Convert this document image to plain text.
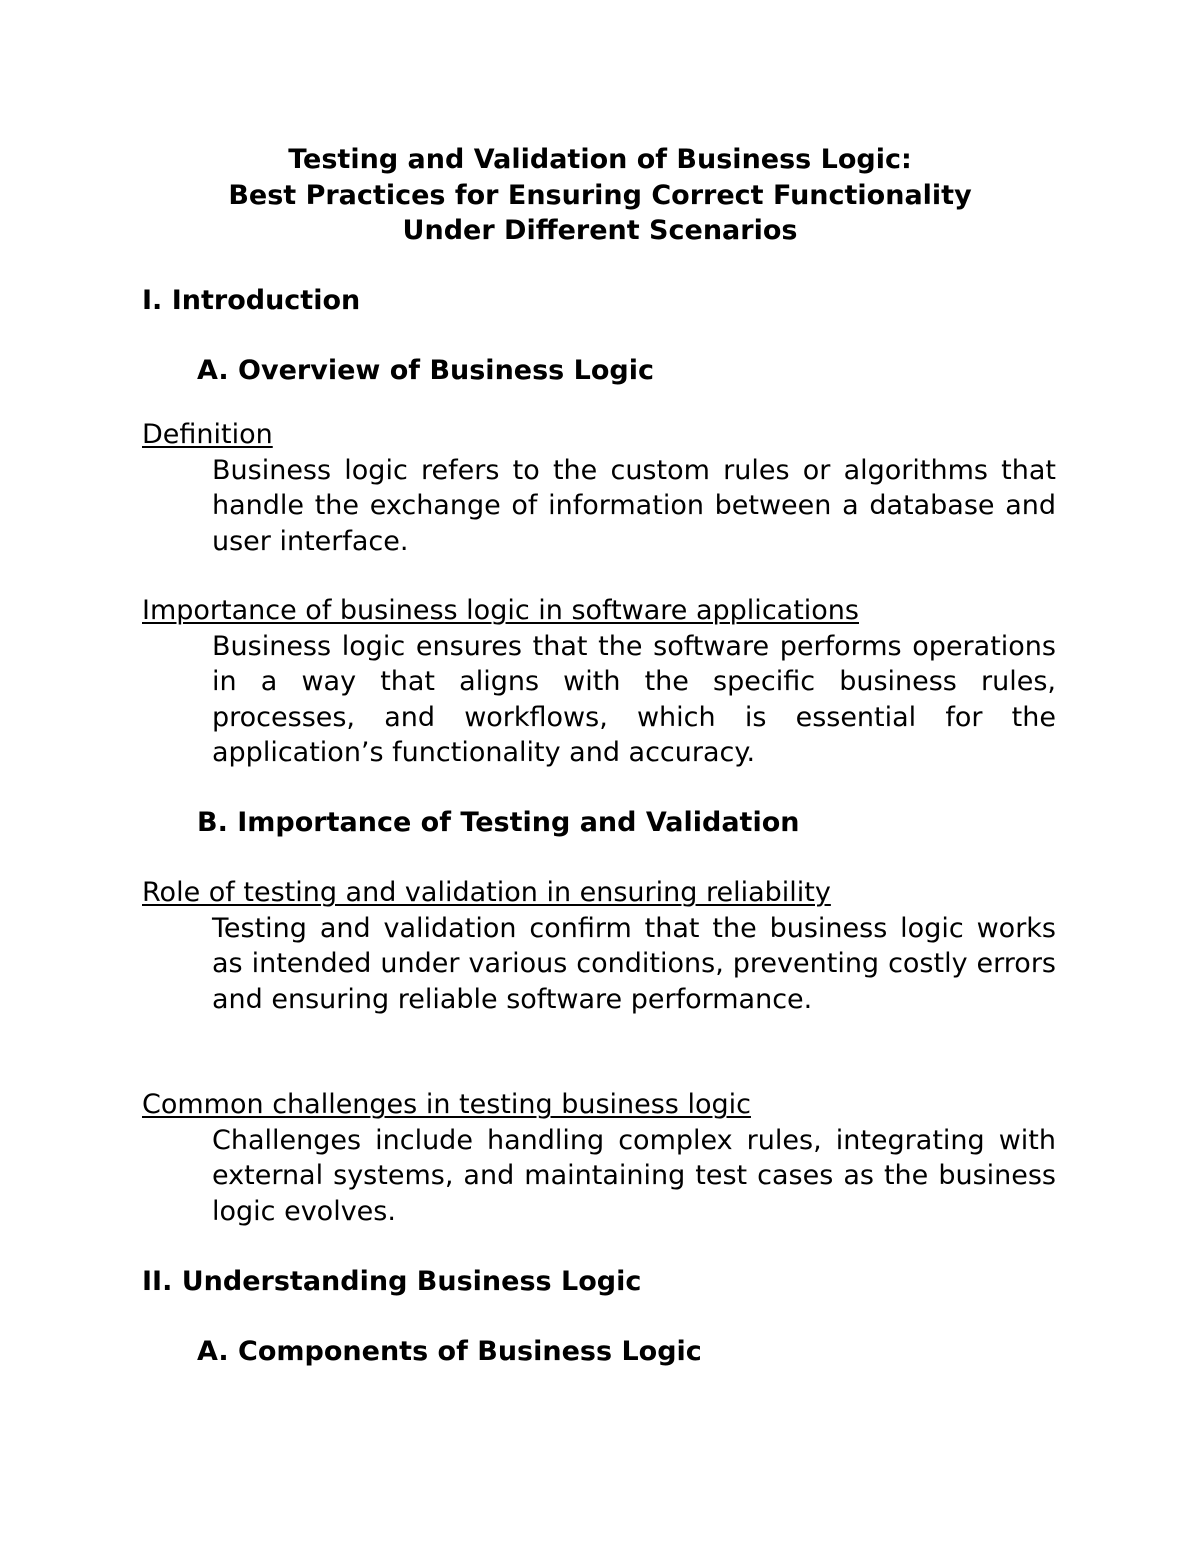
Testing and Validation of Business Logic:
Best Practices for Ensuring Correct Functionality
Under Different Scenarios
I. Introduction
A. Overview of Business Logic
Definition
Business logic refers to the custom rules or algorithms that handle the exchange of information between a database and user interface.
Importance of business logic in software applications
Business logic ensures that the software performs operations in a way that aligns with the specific business rules, processes, and workflows, which is essential for the application’s functionality and accuracy.
B. Importance of Testing and Validation
Role of testing and validation in ensuring reliability
Testing and validation confirm that the business logic works as intended under various conditions, preventing costly errors and ensuring reliable software performance.
Common challenges in testing business logic
Challenges include handling complex rules, integrating with external systems, and maintaining test cases as the business logic evolves.
II. Understanding Business Logic
A. Components of Business Logic
